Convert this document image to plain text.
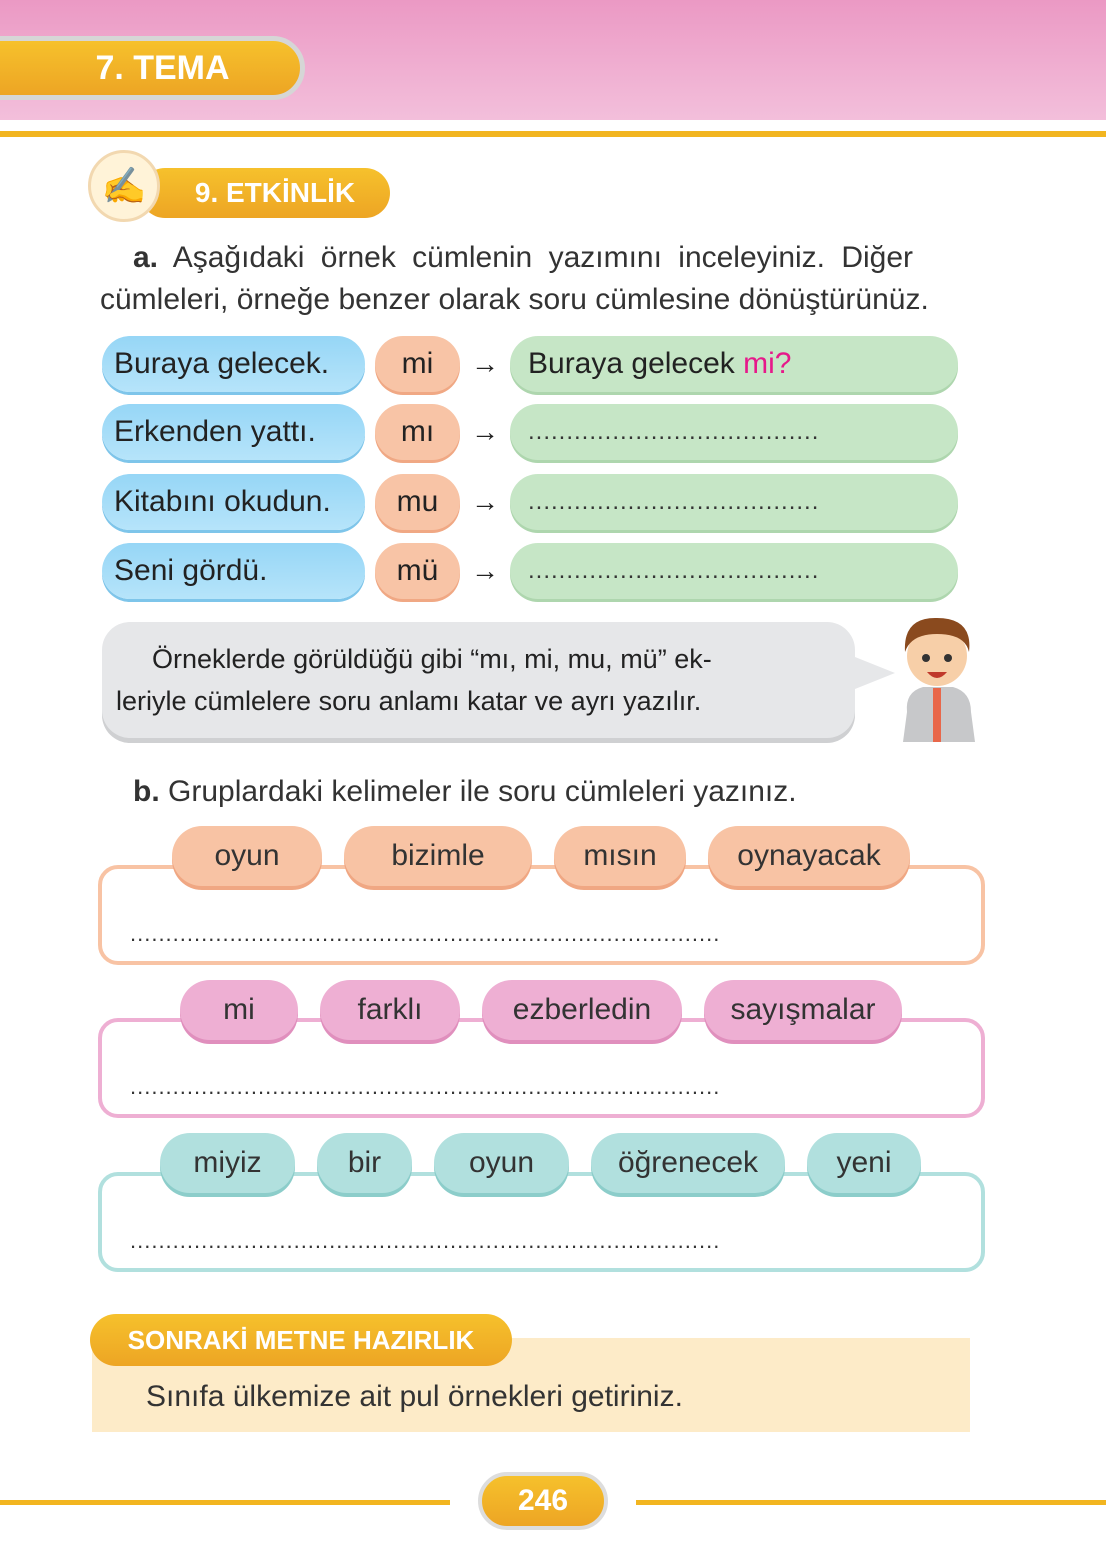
7. TEMA
9. ETKİNLİK
✍
a. Aşağıdaki örnek cümlenin yazımını inceleyiniz. Diğer
cümleleri, örneğe benzer olarak soru cümlesine dönüştürünüz.
Buraya gelecek.	mi	→ Buraya gelecek mi?
Erkenden yattı.	mı	→	......................................
Kitabını okudun.	mu	→	......................................
Seni gördü.	mü	→	......................................
Örneklerde görüldüğü gibi “mı, mi, mu, mü” ek-
leriyle cümlelere soru anlamı katar ve ayrı yazılır.
b. Gruplardaki kelimeler ile soru cümleleri yazınız.
...................................................................................
oyun	bizimle	mısın	oynayacak
...................................................................................
mi	farklı	ezberledin	sayışmalar
...................................................................................
miyiz	bir	oyun	öğrenecek	yeni
Sınıfa ülkemize ait pul örnekleri getiriniz.
SONRAKİ METNE HAZIRLIK
246
